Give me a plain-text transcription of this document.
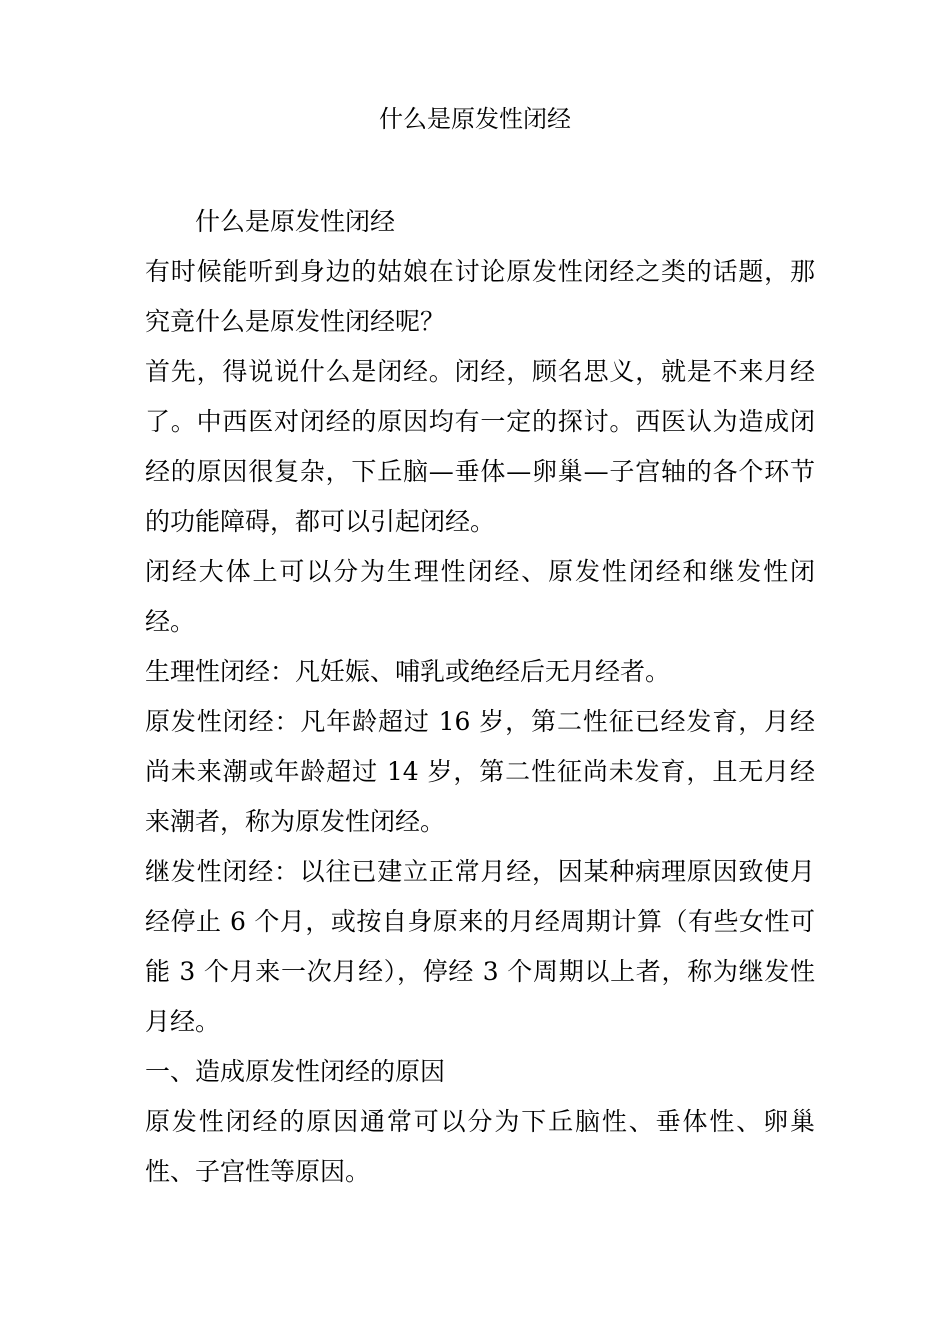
什么是原发性闭经

什么是原发性闭经

有时候能听到身边的姑娘在讨论原发性闭经之类的话题，那究竟什么是原发性闭经呢？

首先，得说说什么是闭经。闭经，顾名思义，就是不来月经了。中西医对闭经的原因均有一定的探讨。西医认为造成闭经的原因很复杂，下丘脑—垂体—卵巢—子宫轴的各个环节的功能障碍，都可以引起闭经。

闭经大体上可以分为生理性闭经、原发性闭经和继发性闭经。

生理性闭经：凡妊娠、哺乳或绝经后无月经者。

原发性闭经：凡年龄超过 16 岁，第二性征已经发育，月经尚未来潮或年龄超过 14 岁，第二性征尚未发育，且无月经来潮者，称为原发性闭经。

继发性闭经：以往已建立正常月经，因某种病理原因致使月经停止 6 个月，或按自身原来的月经周期计算（有些女性可能 3 个月来一次月经），停经 3 个周期以上者，称为继发性月经。

一、造成原发性闭经的原因

原发性闭经的原因通常可以分为下丘脑性、垂体性、卵巢性、子宫性等原因。
